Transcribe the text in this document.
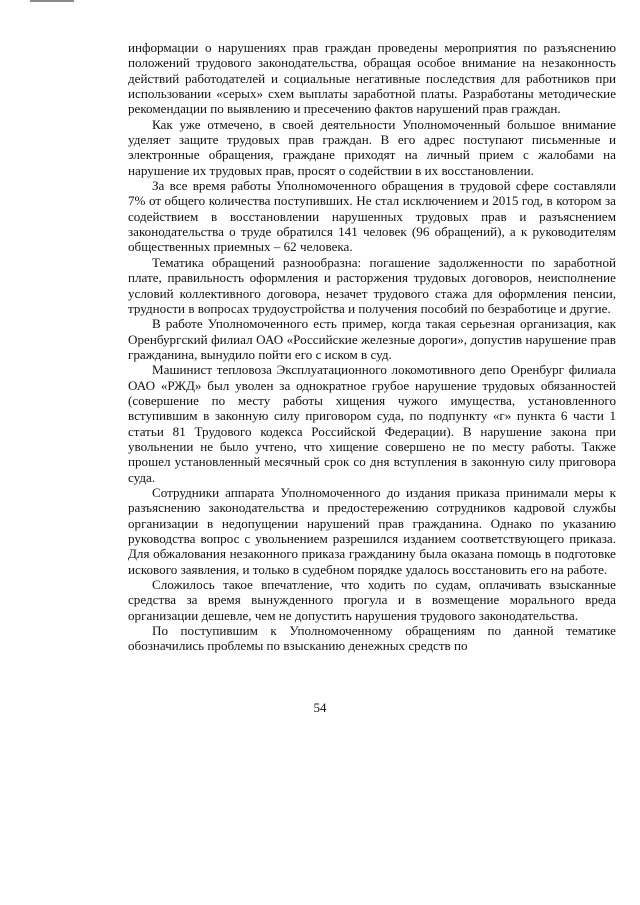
информации о нарушениях прав граждан проведены мероприятия по разъяснению положений трудового законодательства, обращая особое внимание на незаконность действий работодателей и социальные негативные последствия для работников при использовании «серых» схем выплаты заработной платы. Разработаны методические рекомендации по выявлению и пресечению фактов нарушений прав граждан.

Как уже отмечено, в своей деятельности Уполномоченный большое внимание уделяет защите трудовых прав граждан. В его адрес поступают письменные и электронные обращения, граждане приходят на личный прием с жалобами на нарушение их трудовых прав, просят о содействии в их восстановлении.

За все время работы Уполномоченного обращения в трудовой сфере составляли 7% от общего количества поступивших. Не стал исключением и 2015 год, в котором за содействием в восстановлении нарушенных трудовых прав и разъяснением законодательства о труде обратился 141 человек (96 обращений), а к руководителям общественных приемных – 62 человека.

Тематика обращений разнообразна: погашение задолженности по заработной плате, правильность оформления и расторжения трудовых договоров, неисполнение условий коллективного договора, незачет трудового стажа для оформления пенсии, трудности в вопросах трудоустройства и получения пособий по безработице и другие.

В работе Уполномоченного есть пример, когда такая серьезная организация, как Оренбургский филиал ОАО «Российские железные дороги», допустив нарушение прав гражданина, вынудило пойти его с иском в суд.

Машинист тепловоза Эксплуатационного локомотивного депо Оренбург филиала ОАО «РЖД» был уволен за однократное грубое нарушение трудовых обязанностей (совершение по месту работы хищения чужого имущества, установленного вступившим в законную силу приговором суда, по подпункту «г» пункта 6 части 1 статьи 81 Трудового кодекса Российской Федерации). В нарушение закона при увольнении не было учтено, что хищение совершено не по месту работы. Также прошел установленный месячный срок со дня вступления в законную силу приговора суда.

Сотрудники аппарата Уполномоченного до издания приказа принимали меры к разъяснению законодательства и предостережению сотрудников кадровой службы организации в недопущении нарушений прав гражданина. Однако по указанию руководства вопрос с увольнением разрешился изданием соответствующего приказа. Для обжалования незаконного приказа гражданину была оказана помощь в подготовке искового заявления, и только в судебном порядке удалось восстановить его на работе.

Сложилось такое впечатление, что ходить по судам, оплачивать взысканные средства за время вынужденного прогула и в возмещение морального вреда организации дешевле, чем не допустить нарушения трудового законодательства.

По поступившим к Уполномоченному обращениям по данной тематике обозначились проблемы по взысканию денежных средств по

54
